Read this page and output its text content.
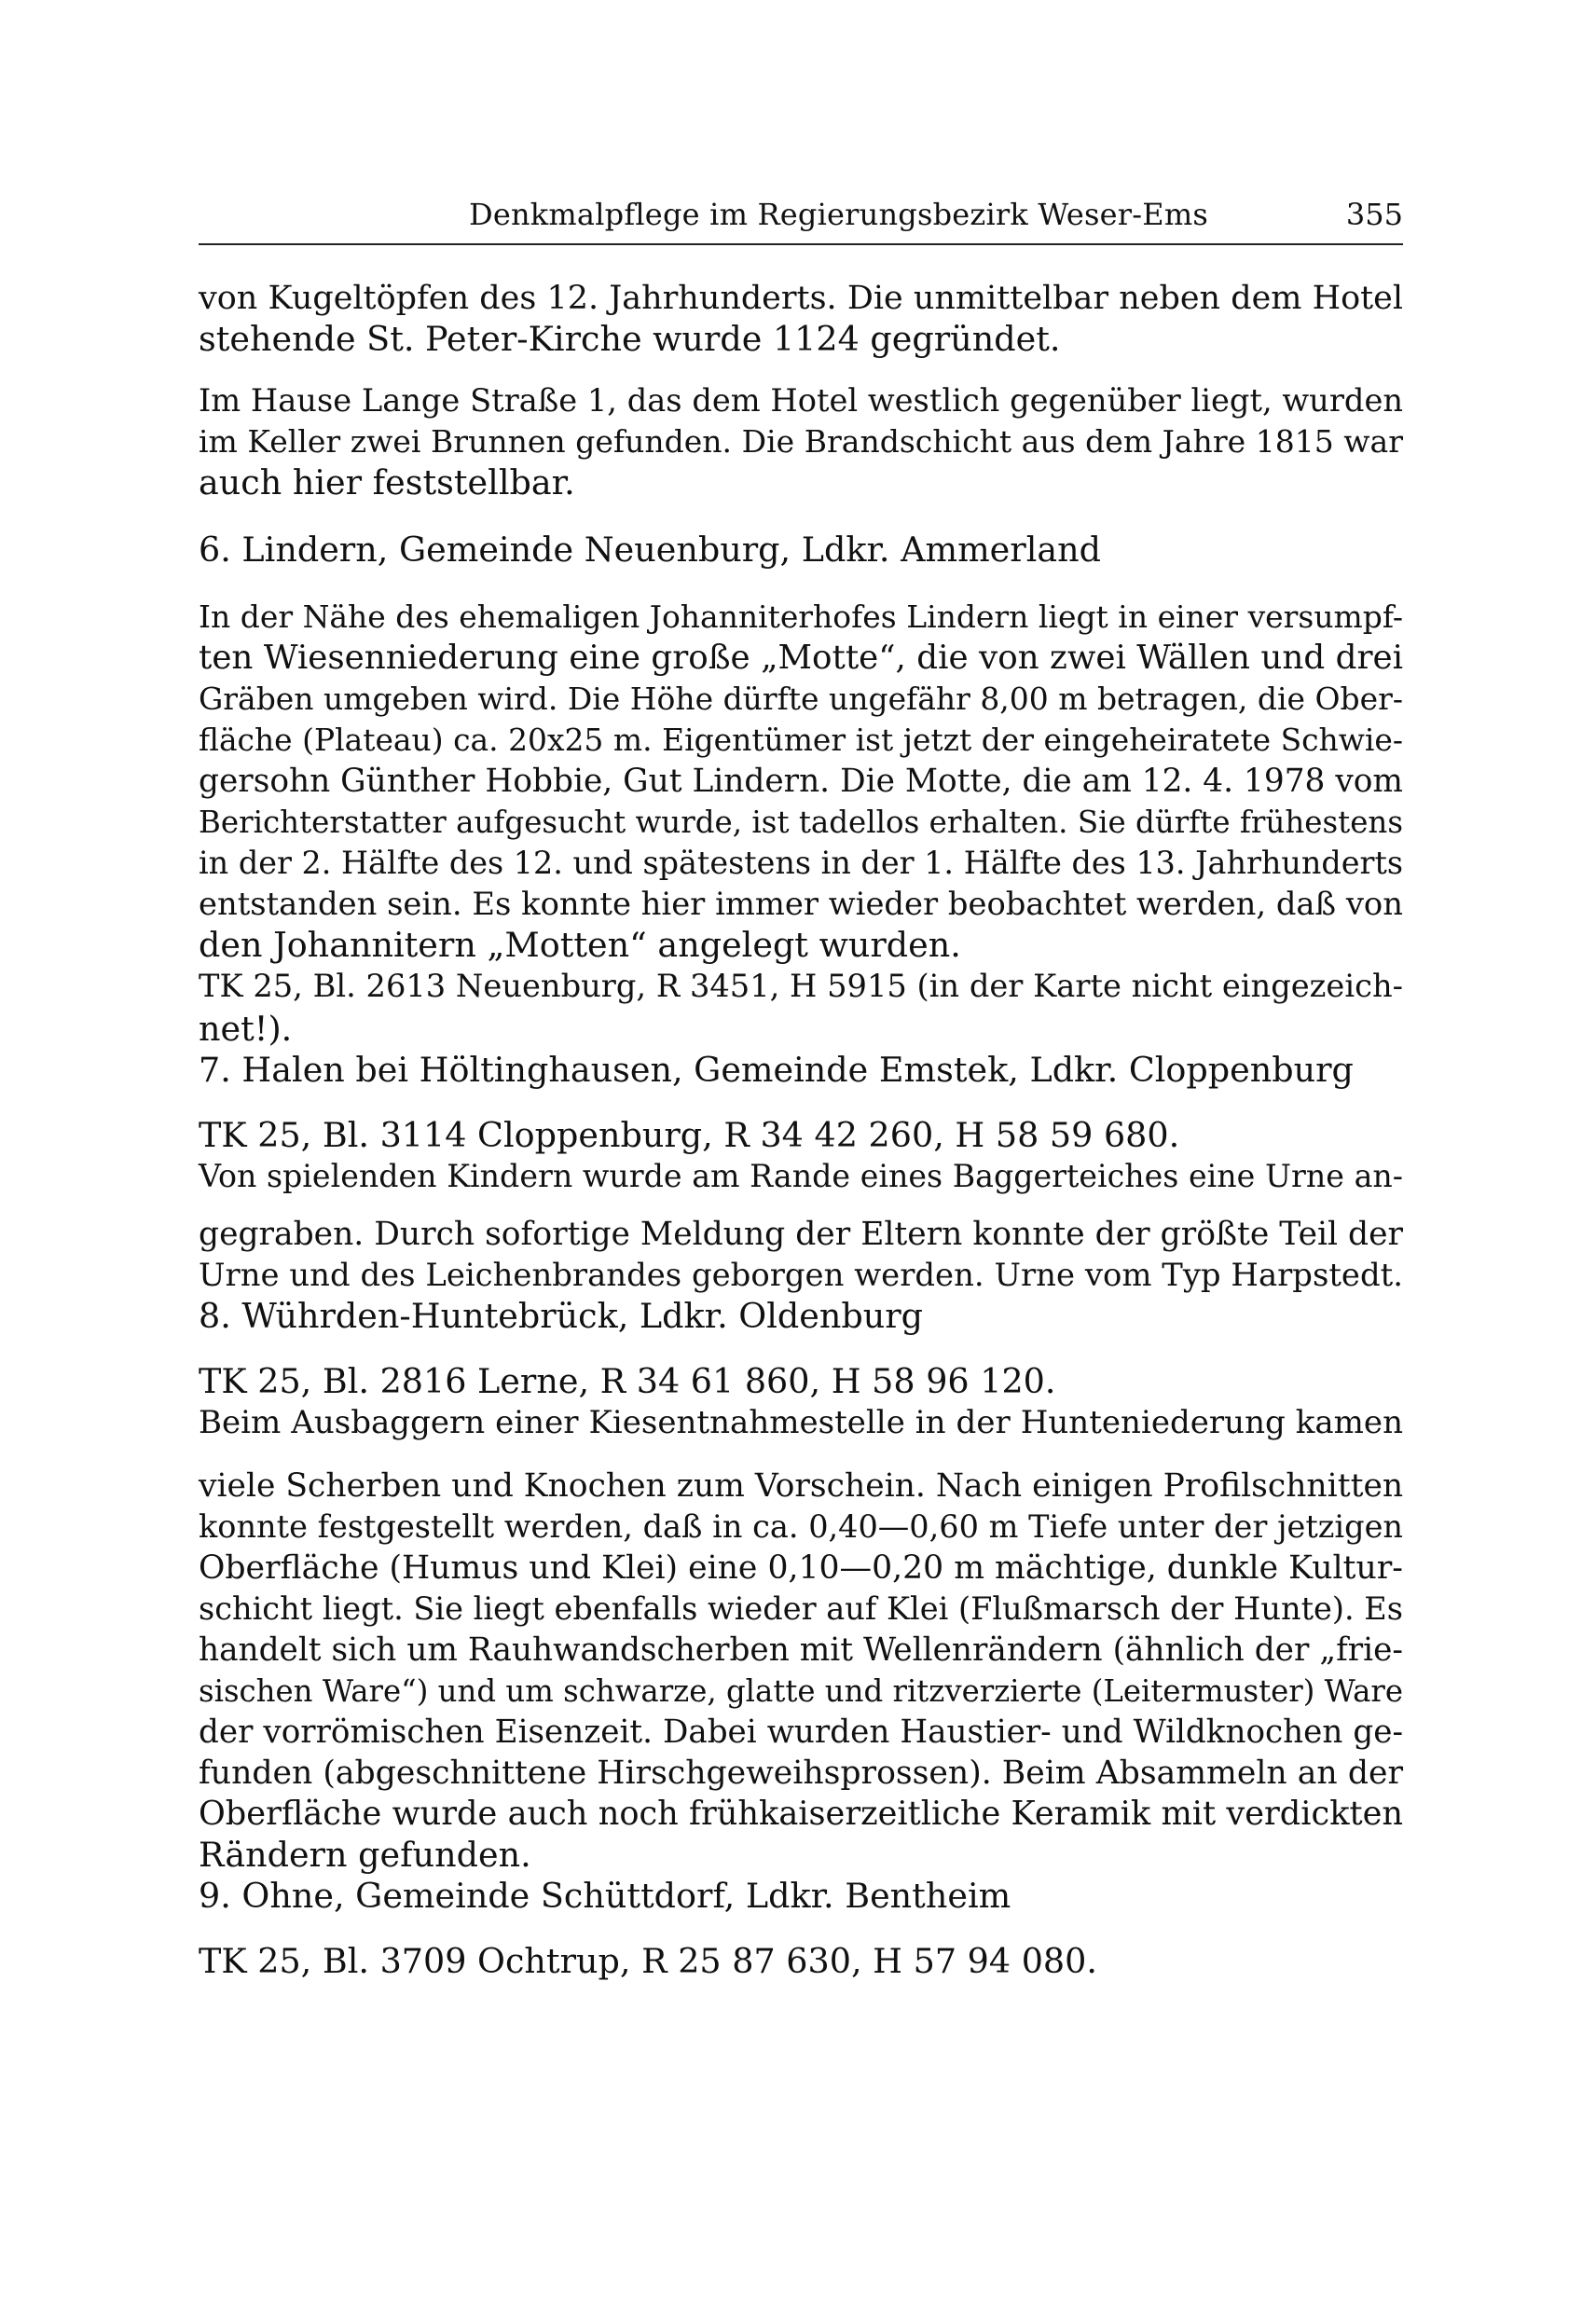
Denkmalpflege im Regierungsbezirk Weser-Ems	355
von Kugeltöpfen des 12. Jahrhunderts. Die unmittelbar neben dem Hotel
stehende St. Peter-Kirche wurde 1124 gegründet.
Im Hause Lange Straße 1, das dem Hotel westlich gegenüber liegt, wurden
im Keller zwei Brunnen gefunden. Die Brandschicht aus dem Jahre 1815 war
auch hier feststellbar.
6. Lindern, Gemeinde Neuenburg, Ldkr. Ammerland
In der Nähe des ehemaligen Johanniterhofes Lindern liegt in einer versumpf-
ten Wiesenniederung eine große „Motte“, die von zwei Wällen und drei
Gräben umgeben wird. Die Höhe dürfte ungefähr 8,00 m betragen, die Ober-
fläche (Plateau) ca. 20x25 m. Eigentümer ist jetzt der eingeheiratete Schwie-
gersohn Günther Hobbie, Gut Lindern. Die Motte, die am 12. 4. 1978 vom
Berichterstatter aufgesucht wurde, ist tadellos erhalten. Sie dürfte frühestens
in der 2. Hälfte des 12. und spätestens in der 1. Hälfte des 13. Jahrhunderts
entstanden sein. Es konnte hier immer wieder beobachtet werden, daß von
den Johannitern „Motten“ angelegt wurden.
TK 25, Bl. 2613 Neuenburg, R 3451, H 5915 (in der Karte nicht eingezeich-
net!).
7. Halen bei Höltinghausen, Gemeinde Emstek, Ldkr. Cloppenburg
TK 25, Bl. 3114 Cloppenburg, R 34 42 260, H 58 59 680.
Von spielenden Kindern wurde am Rande eines Baggerteiches eine Urne an-
gegraben. Durch sofortige Meldung der Eltern konnte der größte Teil der
Urne und des Leichenbrandes geborgen werden. Urne vom Typ Harpstedt.
8. Wührden-Huntebrück, Ldkr. Oldenburg
TK 25, Bl. 2816 Lerne, R 34 61 860, H 58 96 120.
Beim Ausbaggern einer Kiesentnahmestelle in der Hunteniederung kamen
viele Scherben und Knochen zum Vorschein. Nach einigen Profilschnitten
konnte festgestellt werden, daß in ca. 0,40—0,60 m Tiefe unter der jetzigen
Oberfläche (Humus und Klei) eine 0,10—0,20 m mächtige, dunkle Kultur-
schicht liegt. Sie liegt ebenfalls wieder auf Klei (Flußmarsch der Hunte). Es
handelt sich um Rauhwandscherben mit Wellenrändern (ähnlich der „frie-
sischen Ware“) und um schwarze, glatte und ritzverzierte (Leitermuster) Ware
der vorrömischen Eisenzeit. Dabei wurden Haustier- und Wildknochen ge-
funden (abgeschnittene Hirschgeweihsprossen). Beim Absammeln an der
Oberfläche wurde auch noch frühkaiserzeitliche Keramik mit verdickten
Rändern gefunden.
9. Ohne, Gemeinde Schüttdorf, Ldkr. Bentheim
TK 25, Bl. 3709 Ochtrup, R 25 87 630, H 57 94 080.
